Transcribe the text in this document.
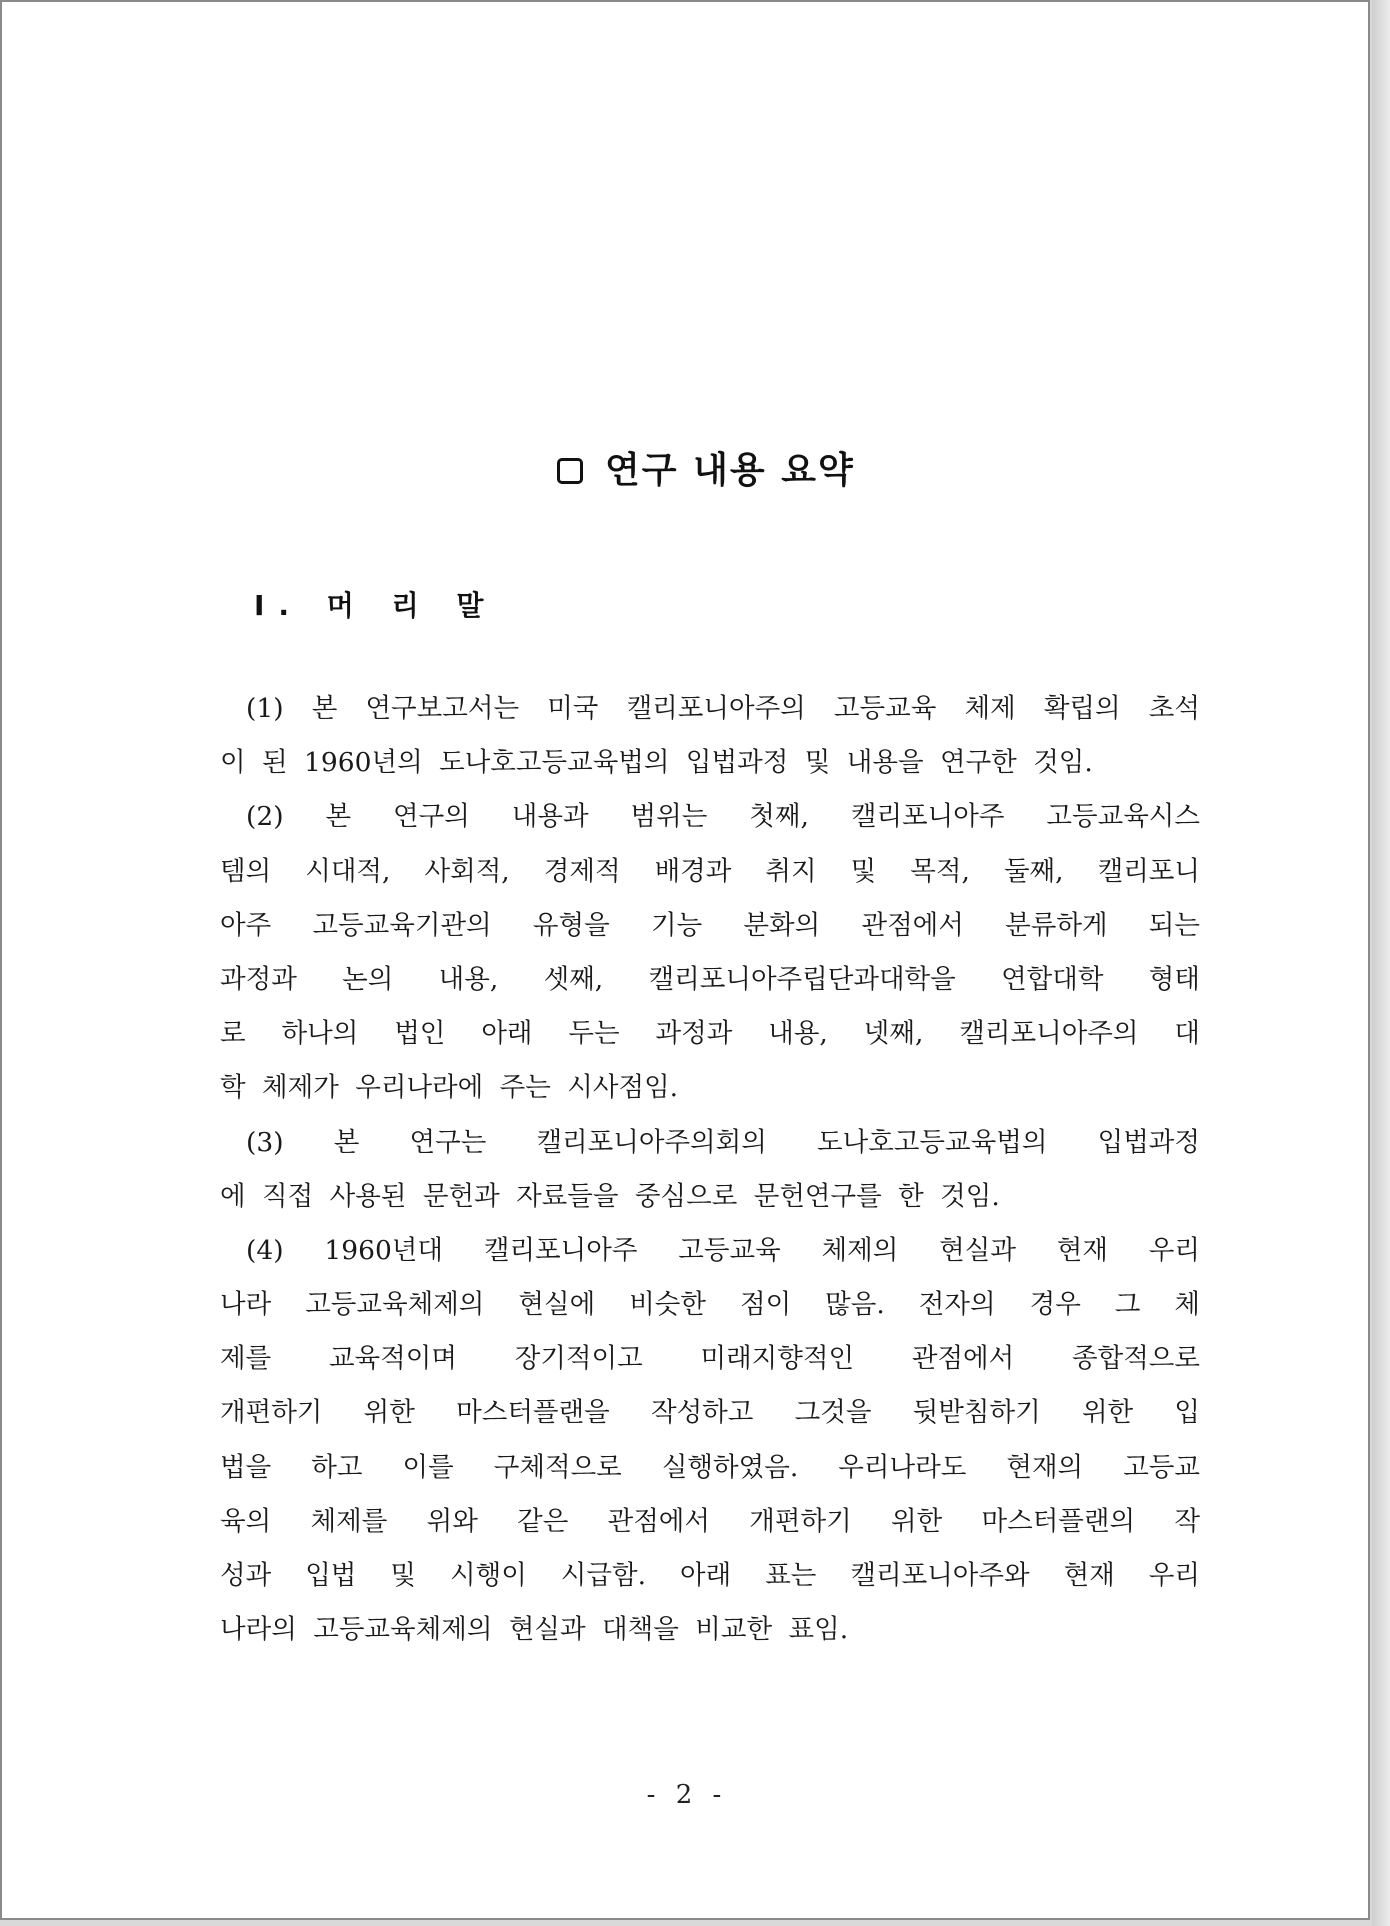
연구 내용 요약
Ⅰ. 머 리 말
(1) 본 연구보고서는 미국 캘리포니아주의 고등교육 체제 확립의 초석
이 된 1960년의 도나호고등교육법의 입법과정 및 내용을 연구한 것임.
(2) 본 연구의 내용과 범위는 첫째, 캘리포니아주 고등교육시스
템의 시대적, 사회적, 경제적 배경과 취지 및 목적, 둘째, 캘리포니
아주 고등교육기관의 유형을 기능 분화의 관점에서 분류하게 되는
과정과 논의 내용, 셋째, 캘리포니아주립단과대학을 연합대학 형태
로 하나의 법인 아래 두는 과정과 내용, 넷째, 캘리포니아주의 대
학 체제가 우리나라에 주는 시사점임.
(3) 본 연구는 캘리포니아주의회의 도나호고등교육법의 입법과정
에 직접 사용된 문헌과 자료들을 중심으로 문헌연구를 한 것임.
(4) 1960년대 캘리포니아주 고등교육 체제의 현실과 현재 우리
나라 고등교육체제의 현실에 비슷한 점이 많음. 전자의 경우 그 체
제를 교육적이며 장기적이고 미래지향적인 관점에서 종합적으로
개편하기 위한 마스터플랜을 작성하고 그것을 뒷받침하기 위한 입
법을 하고 이를 구체적으로 실행하였음. 우리나라도 현재의 고등교
육의 체제를 위와 같은 관점에서 개편하기 위한 마스터플랜의 작
성과 입법 및 시행이 시급함. 아래 표는 캘리포니아주와 현재 우리
나라의 고등교육체제의 현실과 대책을 비교한 표임.
- 2 -
